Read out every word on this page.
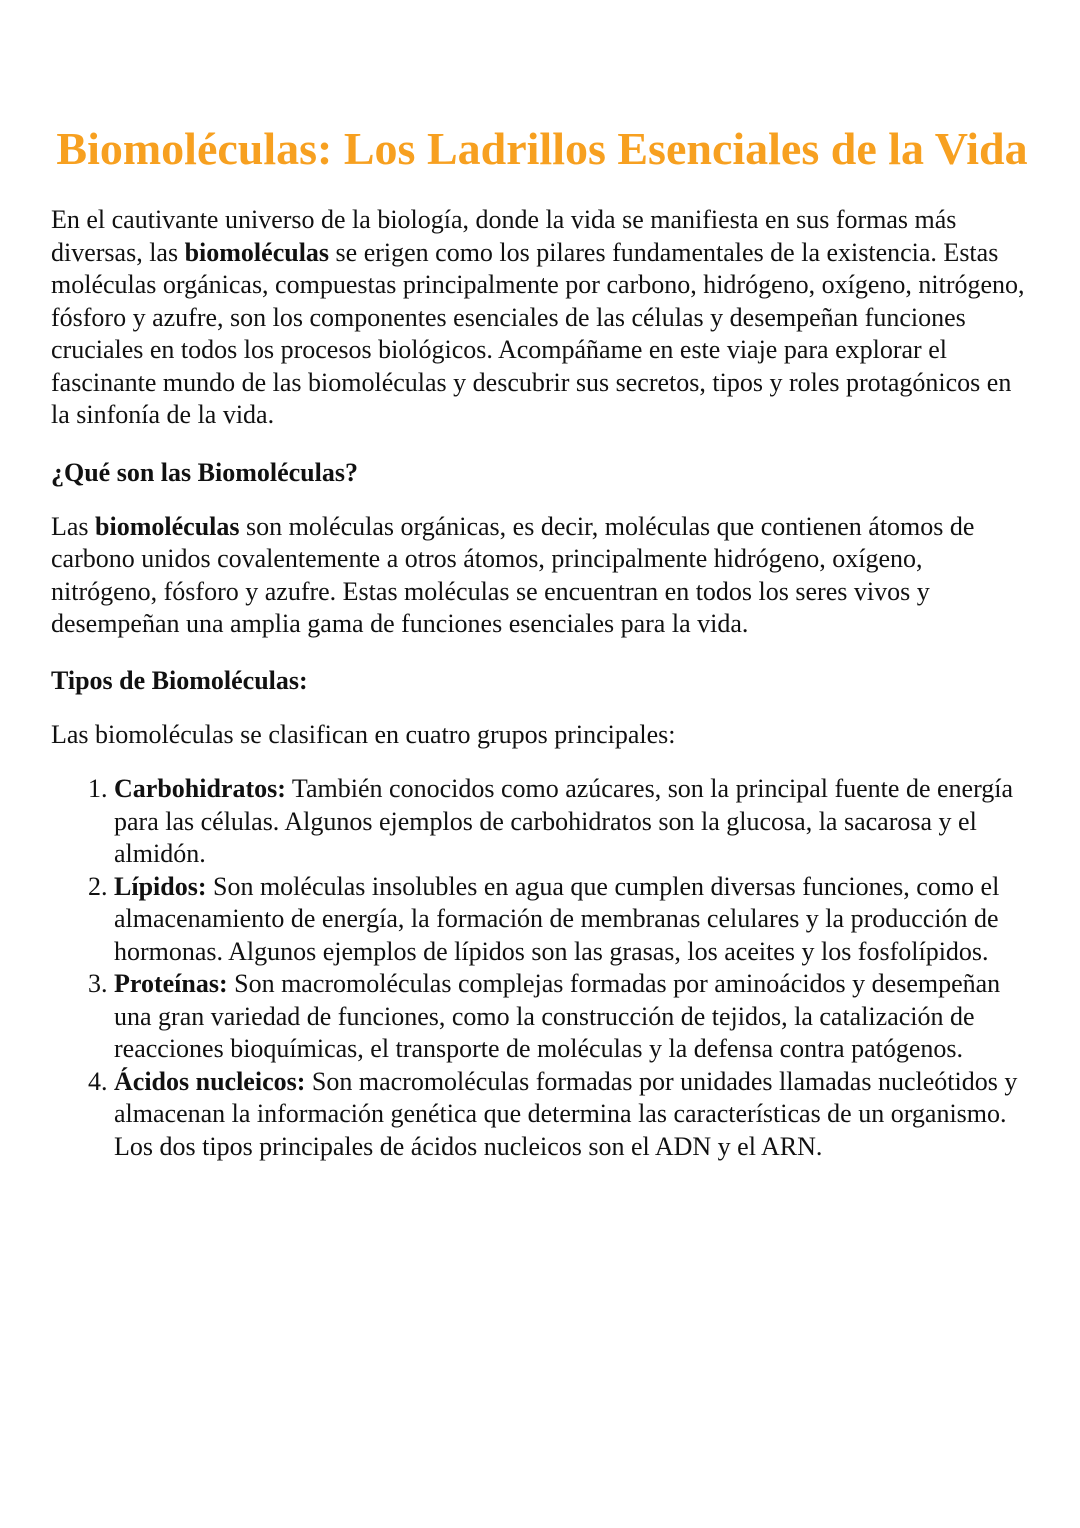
Biomoléculas: Los Ladrillos Esenciales de la Vida

En el cautivante universo de la biología, donde la vida se manifiesta en sus formas más diversas, las biomoléculas se erigen como los pilares fundamentales de la existencia. Estas moléculas orgánicas, compuestas principalmente por carbono, hidrógeno, oxígeno, nitrógeno, fósforo y azufre, son los componentes esenciales de las células y desempeñan funciones cruciales en todos los procesos biológicos. Acompáñame en este viaje para explorar el fascinante mundo de las biomoléculas y descubrir sus secretos, tipos y roles protagónicos en la sinfonía de la vida.

¿Qué son las Biomoléculas?

Las biomoléculas son moléculas orgánicas, es decir, moléculas que contienen átomos de carbono unidos covalentemente a otros átomos, principalmente hidrógeno, oxígeno, nitrógeno, fósforo y azufre. Estas moléculas se encuentran en todos los seres vivos y desempeñan una amplia gama de funciones esenciales para la vida.

Tipos de Biomoléculas:

Las biomoléculas se clasifican en cuatro grupos principales:

1. Carbohidratos: También conocidos como azúcares, son la principal fuente de energía para las células. Algunos ejemplos de carbohidratos son la glucosa, la sacarosa y el almidón.
2. Lípidos: Son moléculas insolubles en agua que cumplen diversas funciones, como el almacenamiento de energía, la formación de membranas celulares y la producción de hormonas. Algunos ejemplos de lípidos son las grasas, los aceites y los fosfolípidos.
3. Proteínas: Son macromoléculas complejas formadas por aminoácidos y desempeñan una gran variedad de funciones, como la construcción de tejidos, la catalización de reacciones bioquímicas, el transporte de moléculas y la defensa contra patógenos.
4. Ácidos nucleicos: Son macromoléculas formadas por unidades llamadas nucleótidos y almacenan la información genética que determina las características de un organismo. Los dos tipos principales de ácidos nucleicos son el ADN y el ARN.
